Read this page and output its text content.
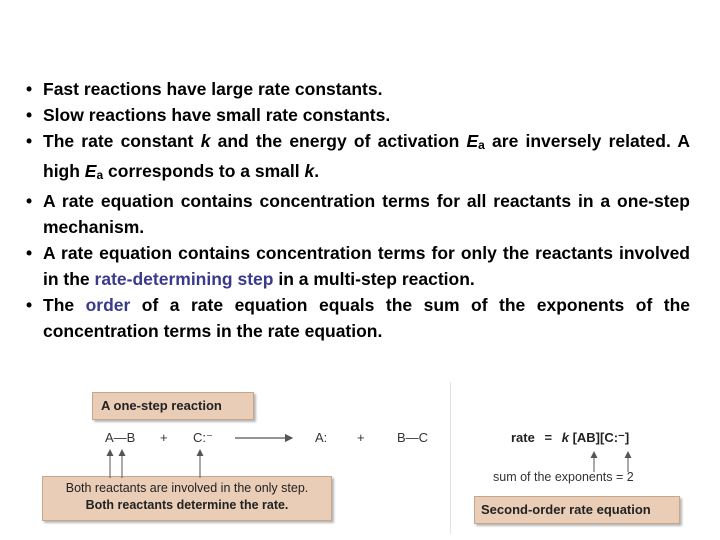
• Fast reactions have large rate constants.
• Slow reactions have small rate constants.
• The rate constant k and the energy of activation $E_a$ are inversely related. A high $E_a$ corresponds to a small k.
• A rate equation contains concentration terms for all reactants in a one-step mechanism.
• A rate equation contains concentration terms for only the reactants involved in the rate-determining step in a multi-step reaction.
• The order of a rate equation equals the sum of the exponents of the concentration terms in the rate equation.
A one-step reaction
A—B + C:⁻	A: + B—C
Both reactants are involved in the only step.
Both reactants determine the rate.
rate = k [AB][C:⁻]
sum of the exponents = 2
Second-order rate equation
